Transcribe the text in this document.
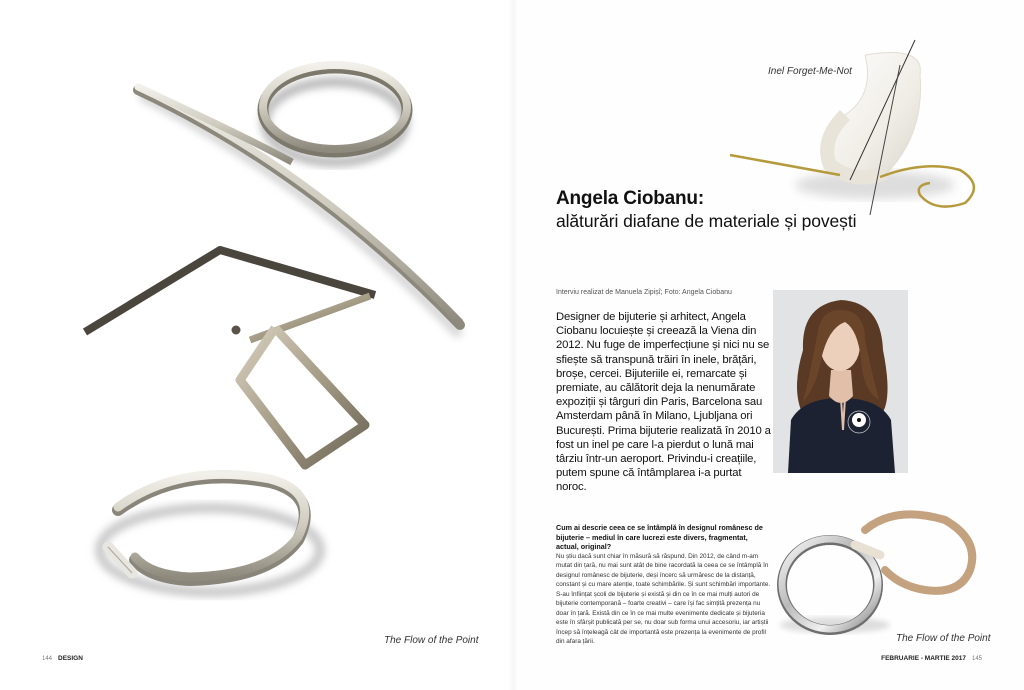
The Flow of the Point
144 DESIGN
Inel Forget-Me-Not
Angela Ciobanu:
alăturări diafane de materiale și povești
Interviu realizat de Manuela Zipișî; Foto: Angela Ciobanu

Designer de bijuterie și arhitect, Angela Ciobanu locuiește și creează la Viena din 2012. Nu fuge de imperfecțiune și nici nu se sfiește să transpună trăiri în inele, brățări, broșe, cercei. Bijuteriile ei, remarcate și premiate, au călătorit deja la nenumărate expoziții și târguri din Paris, Barcelona sau Amsterdam până în Milano, Ljubljana ori București. Prima bijuterie realizată în 2010 a fost un inel pe care l-a pierdut o lună mai târziu într-un aeroport. Privindu-i creațiile, putem spune că întâmplarea i-a purtat noroc.

Cum ai descrie ceea ce se întâmplă în designul românesc de bijuterie – mediul în care lucrezi este divers, fragmentat, actual, original?
Nu știu dacă sunt chiar în măsură să răspund. Din 2012, de când m-am mutat din țară, nu mai sunt atât de bine racordată la ceea ce se întâmplă în designul românesc de bijuterie, deși încerc să urmăresc de la distanță, constant și cu mare atenție, toate schimbările. Și sunt schimbări importante. S-au înființat școli de bijuterie și există și din ce în ce mai mulți autori de bijuterie contemporană – foarte creativi – care își fac simțită prezența nu doar în țară. Există din ce în ce mai multe evenimente dedicate și bijuteria este în sfârșit publicată per se, nu doar sub forma unui accesoriu, iar artiștii încep să înțeleagă cât de importantă este prezența la evenimente de profil din afara țării.	The Flow of the Point
FEBRUARIE - MARTIE 2017 145
